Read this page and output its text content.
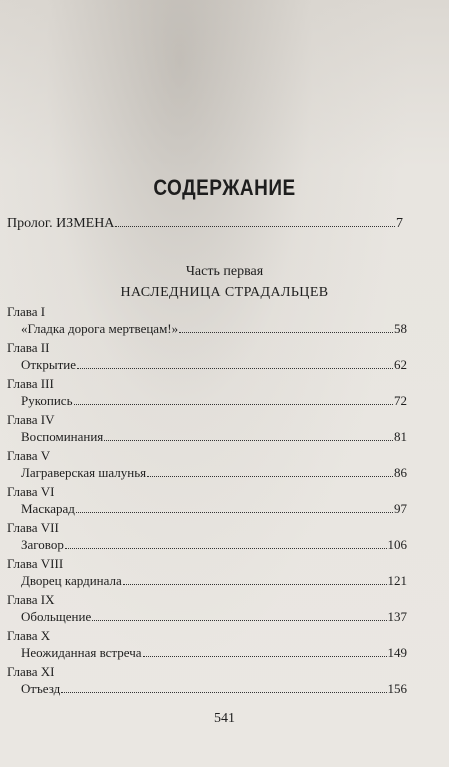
СОДЕРЖАНИЕ
Пролог. ИЗМЕНА	7
Часть первая
НАСЛЕДНИЦА СТРАДАЛЬЦЕВ
Глава I
«Гладка дорога мертвецам!»	58
Глава II
Открытие	62
Глава III
Рукопись	72
Глава IV
Воспоминания	81
Глава V
Лаграверская шалунья	86
Глава VI
Маскарад	97
Глава VII
Заговор	106
Глава VIII
Дворец кардинала	121
Глава IX
Обольщение	137
Глава X
Неожиданная встреча	149
Глава XI
Отъезд	156
541
